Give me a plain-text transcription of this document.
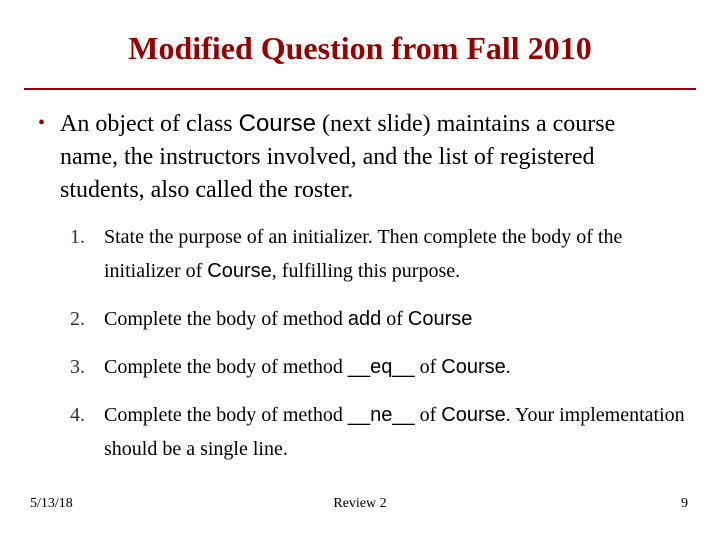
Modified Question from Fall 2010
• An object of class Course (next slide) maintains a course name, the instructors involved, and the list of registered students, also called the roster.
1. State the purpose of an initializer. Then complete the body of the initializer of Course, fulfilling this purpose.
2. Complete the body of method add of Course
3. Complete the body of method __eq__ of Course.
4. Complete the body of method __ne__ of Course. Your implementation should be a single line.
5/13/18	Review 2	9
